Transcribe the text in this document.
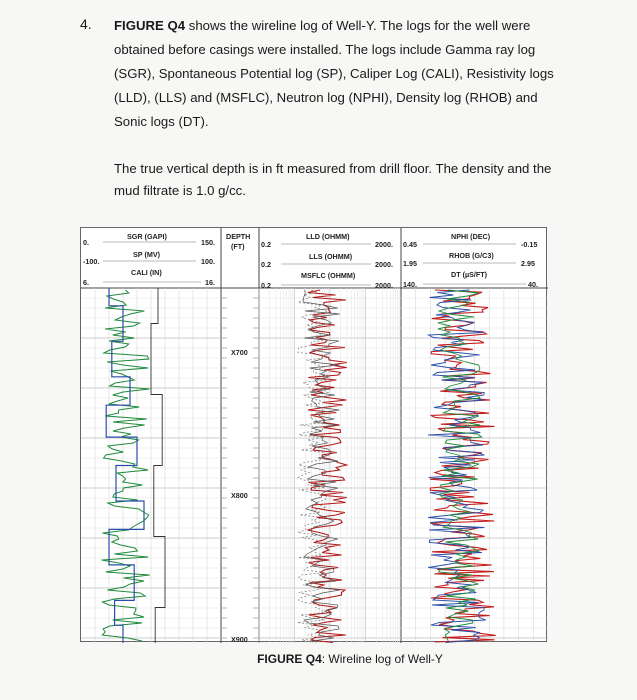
4. FIGURE Q4 shows the wireline log of Well-Y. The logs for the well were obtained before casings were installed. The logs include Gamma ray log (SGR), Spontaneous Potential log (SP), Caliper Log (CALI), Resistivity logs (LLD), (LLS) and (MSFLC), Neutron log (NPHI), Density log (RHOB) and Sonic logs (DT).
The true vertical depth is in ft measured from drill floor. The density and the mud filtrate is 1.0 g/cc.
SGR (GAPI)
0.	150.
SP (MV)
-100.	100.
CALI (IN)
6.	16.
DEPTH
(FT)
LLD (OHMM)
0.2	2000.
LLS (OHMM)
0.2	2000.
MSFLC (OHMM)
0.2	2000.
NPHI (DEC)
0.45	-0.15
RHOB (G/C3)
1.95	2.95
DT (µS/FT)
140.	40.
X700
X800
X900
FIGURE Q4: Wireline log of Well-Y
